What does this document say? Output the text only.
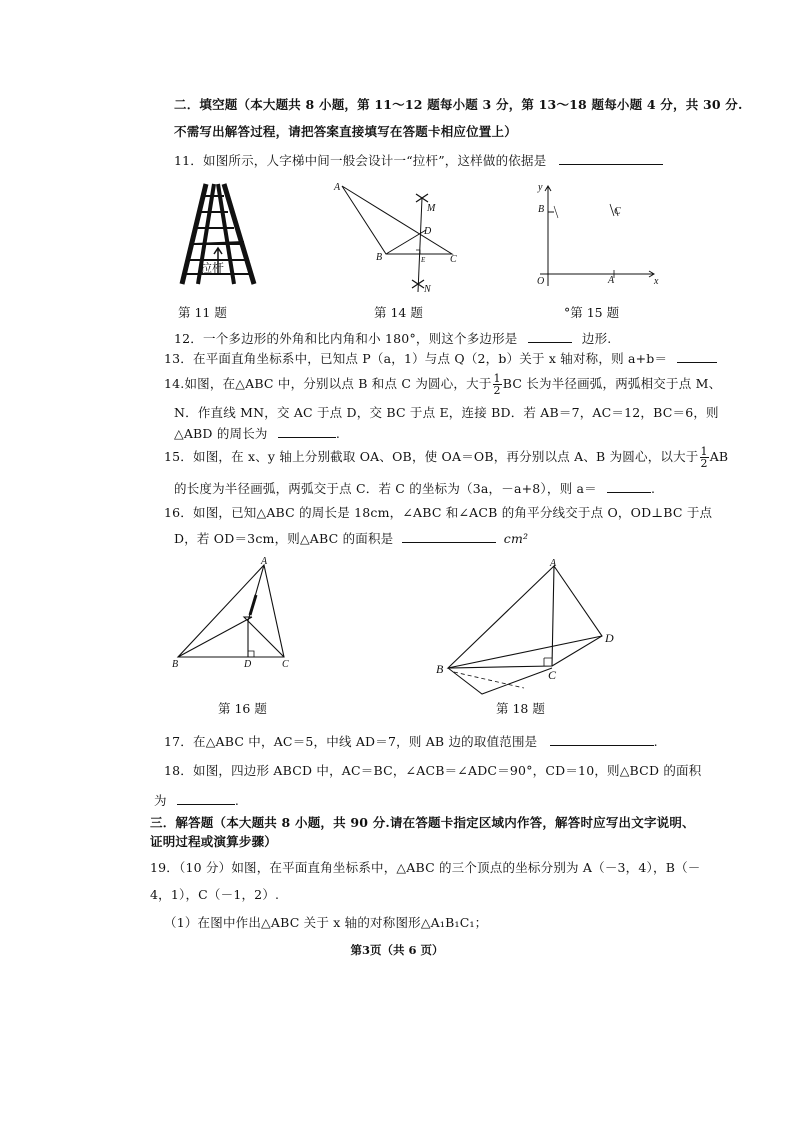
二．填空题（本大题共 8 小题，第 11～12 题每小题 3 分，第 13～18 题每小题 4 分，共 30 分.
不需写出解答过程，请把答案直接填写在答题卡相应位置上）
11．如图所示，人字梯中间一般会设计一“拉杆”，这样做的依据是
拉杆
第 11 题
A
M
D
B	E C
N
第 14 题
y
B	C
O	A	x
°第 15 题
12．一个多边形的外角和比内角和小 180°，则这个多边形是	边形.
13．在平面直角坐标系中，已知点 P（a，1）与点 Q（2，b）关于 x 轴对称，则 a+b＝
14.如图，在△ABC 中，分别以点 B 和点 C 为圆心，大于 $\frac{1}{2}$ BC 长为半径画弧，两弧相交于点 M、
N．作直线 MN，交 AC 于点 D，交 BC 于点 E，连接 BD．若 AB＝7，AC＝12，BC＝6，则
△ABD 的周长为	.
15．如图，在 x、y 轴上分别截取 OA、OB，使 OA＝OB，再分别以点 A、B 为圆心，以大于 $\frac{1}{2}$ AB
的长度为半径画弧，两弧交于点 C．若 C 的坐标为（3a，－a+8），则 a＝	.
16．如图，已知△ABC 的周长是 18cm，∠ABC 和∠ACB 的角平分线交于点 O，OD⊥BC 于点
D，若 OD＝3cm，则△ABC 的面积是	cm²
A
B	D	C
第 16 题
A
D
B	C
第 18 题
17．在△ABC 中，AC＝5，中线 AD＝7，则 AB 边的取值范围是	.
18．如图，四边形 ABCD 中，AC＝BC，∠ACB＝∠ADC＝90°，CD＝10，则△BCD 的面积
为	.
三．解答题（本大题共 8 小题，共 90 分.请在答题卡指定区域内作答，解答时应写出文字说明、
证明过程或演算步骤）
19．（10 分）如图，在平面直角坐标系中，△ABC 的三个顶点的坐标分别为 A（－3，4），B（－
4，1），C（－1，2）.
（1）在图中作出△ABC 关于 x 轴的对称图形△A₁B₁C₁；
第3页（共 6 页）
